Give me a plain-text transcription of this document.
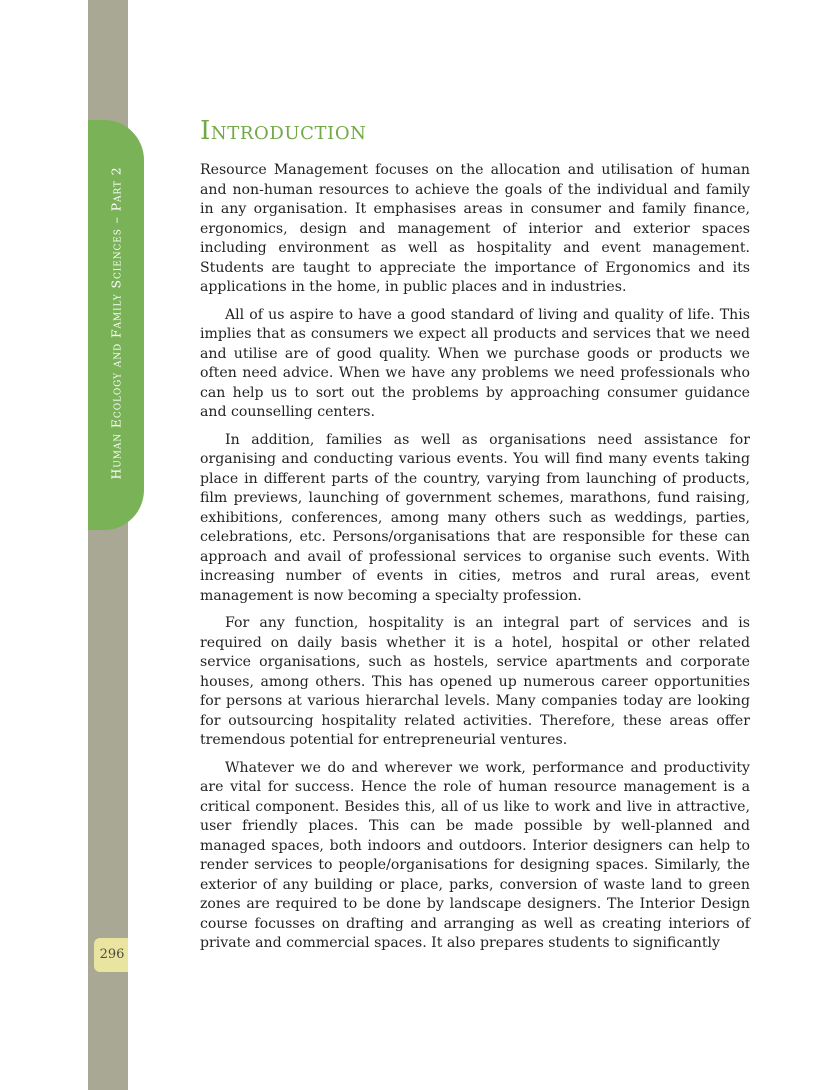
Human Ecology and Family Sciences – Part 2
296
Introduction

Resource Management focuses on the allocation and utilisation of human and non-human resources to achieve the goals of the individual and family in any organisation. It emphasises areas in consumer and family finance, ergonomics, design and management of interior and exterior spaces including environment as well as hospitality and event management. Students are taught to appreciate the importance of Ergonomics and its applications in the home, in public places and in industries.

All of us aspire to have a good standard of living and quality of life. This implies that as consumers we expect all products and services that we need and utilise are of good quality. When we purchase goods or products we often need advice. When we have any problems we need professionals who can help us to sort out the problems by approaching consumer guidance and counselling centers.

In addition, families as well as organisations need assistance for organising and conducting various events. You will find many events taking place in different parts of the country, varying from launching of products, film previews, launching of government schemes, marathons, fund raising, exhibitions, conferences, among many others such as weddings, parties, celebrations, etc. Persons/organisations that are responsible for these can approach and avail of professional services to organise such events. With increasing number of events in cities, metros and rural areas, event management is now becoming a specialty profession.

For any function, hospitality is an integral part of services and is required on daily basis whether it is a hotel, hospital or other related service organisations, such as hostels, service apartments and corporate houses, among others. This has opened up numerous career opportunities for persons at various hierarchal levels. Many companies today are looking for outsourcing hospitality related activities. Therefore, these areas offer tremendous potential for entrepreneurial ventures.

Whatever we do and wherever we work, performance and productivity are vital for success. Hence the role of human resource management is a critical component. Besides this, all of us like to work and live in attractive, user friendly places. This can be made possible by well-planned and managed spaces, both indoors and outdoors. Interior designers can help to render services to people/organisations for designing spaces. Similarly, the exterior of any building or place, parks, conversion of waste land to green zones are required to be done by landscape designers. The Interior Design course focusses on drafting and arranging as well as creating interiors of private and commercial spaces. It also prepares students to significantly
